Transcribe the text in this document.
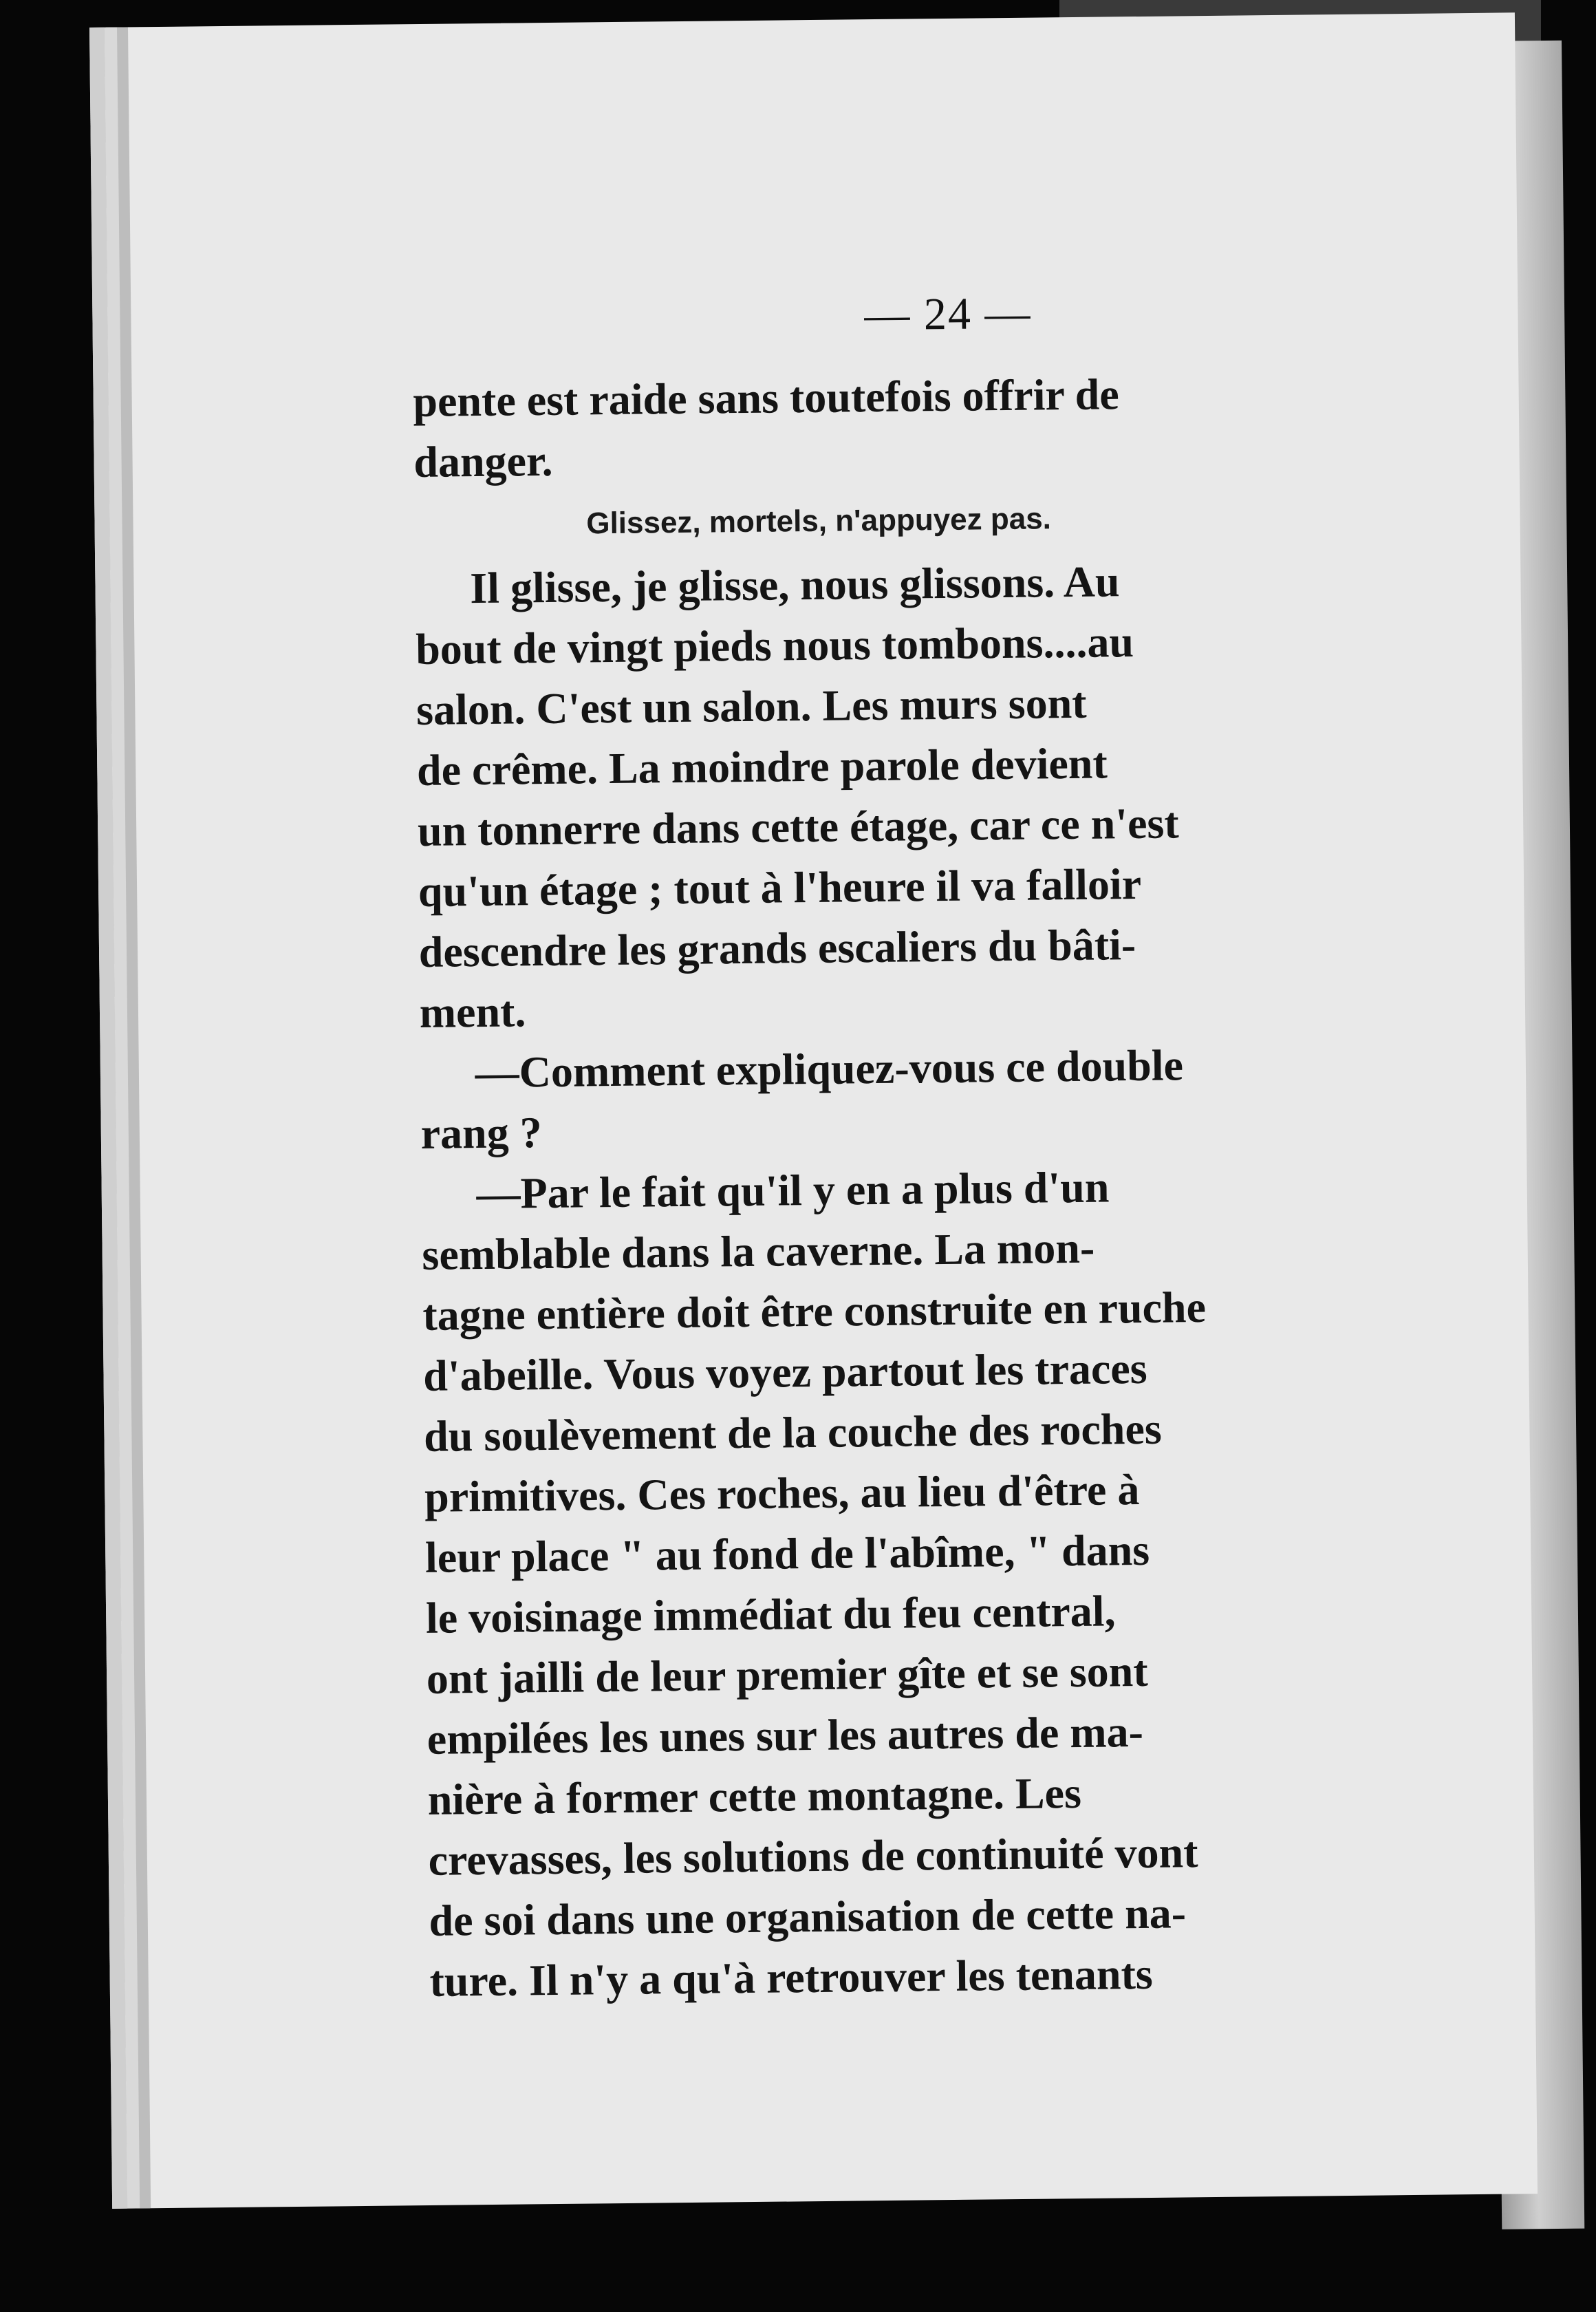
— 24 —
pente est raide sans toutefois offrir de
danger.
Glissez, mortels, n'appuyez pas.
Il glisse, je glisse, nous glissons. Au
bout de vingt pieds nous tombons....au
salon. C'est un salon. Les murs sont
de crême. La moindre parole devient
un tonnerre dans cette étage, car ce n'est
qu'un étage ; tout à l'heure il va falloir
descendre les grands escaliers du bâti-
ment.
—Comment expliquez-vous ce double
rang ?
—Par le fait qu'il y en a plus d'un
semblable dans la caverne. La mon-
tagne entière doit être construite en ruche
d'abeille. Vous voyez partout les traces
du soulèvement de la couche des roches
primitives. Ces roches, au lieu d'être à
leur place " au fond de l'abîme, " dans
le voisinage immédiat du feu central,
ont jailli de leur premier gîte et se sont
empilées les unes sur les autres de ma-
nière à former cette montagne. Les
crevasses, les solutions de continuité vont
de soi dans une organisation de cette na-
ture. Il n'y a qu'à retrouver les tenants
